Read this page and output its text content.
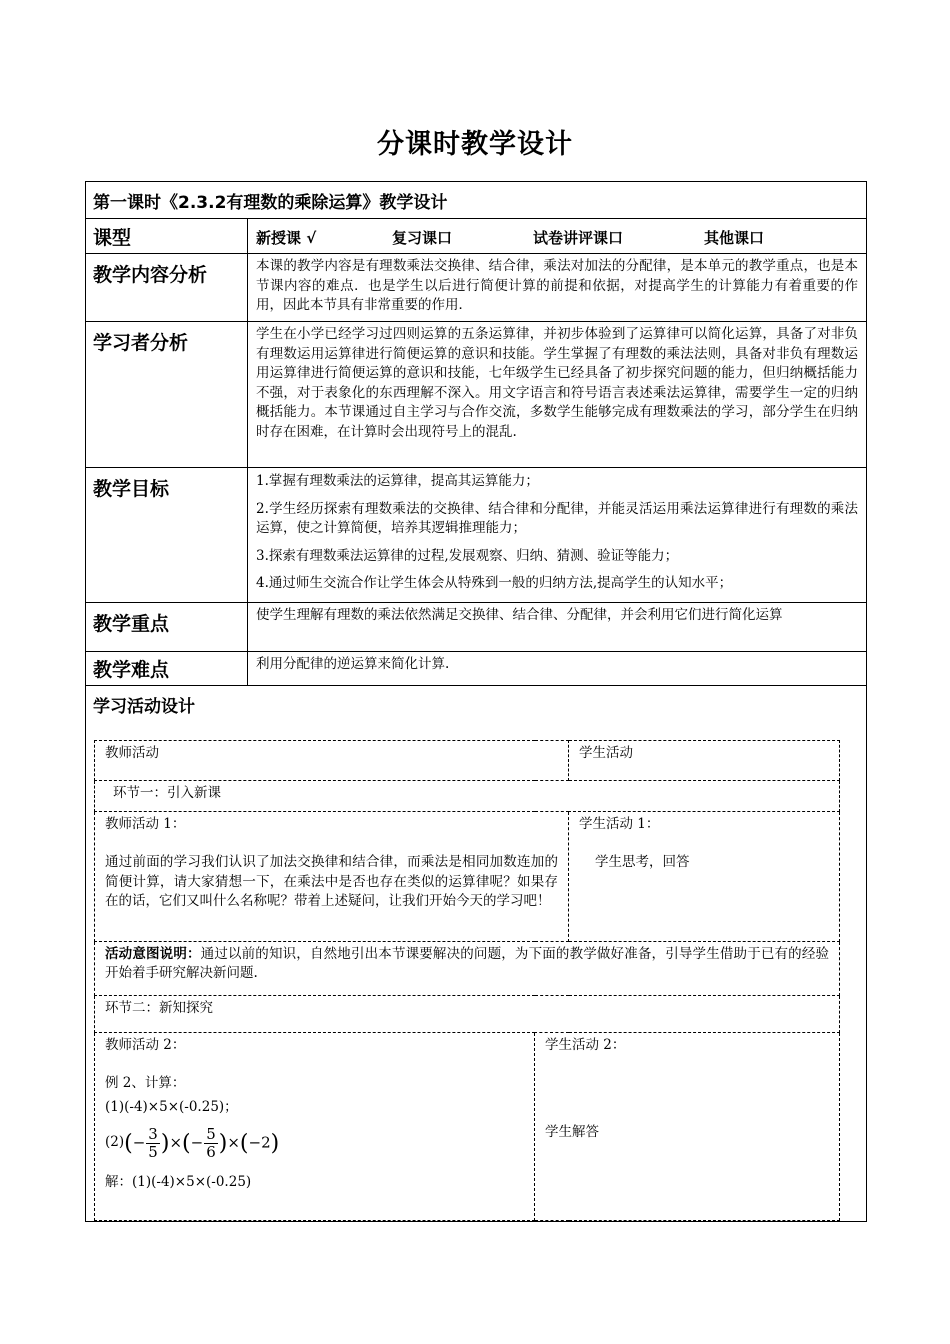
分课时教学设计
第一课时《2.3.2有理数的乘除运算》教学设计

课型	新授课 √	复习课口	试卷讲评课口	其他课口

教学内容分析	本课的教学内容是有理数乘法交换律、结合律，乘法对加法的分配律，是本单元的教学重点，也是本节课内容的难点．也是学生以后进行简便计算的前提和依据，对提高学生的计算能力有着重要的作用，因此本节具有非常重要的作用．

学习者分析	学生在小学已经学习过四则运算的五条运算律，并初步体验到了运算律可以简化运算，具备了对非负有理数运用运算律进行简便运算的意识和技能。学生掌握了有理数的乘法法则，具备对非负有理数运用运算律进行简便运算的意识和技能，七年级学生已经具备了初步探究问题的能力，但归纳概括能力不强，对于表象化的东西理解不深入。用文字语言和符号语言表述乘法运算律，需要学生一定的归纳概括能力。本节课通过自主学习与合作交流，多数学生能够完成有理数乘法的学习，部分学生在归纳时存在困难，在计算时会出现符号上的混乱.

教学目标	1.掌握有理数乘法的运算律，提高其运算能力；

2.学生经历探索有理数乘法的交换律、结合律和分配律，并能灵活运用乘法运算律进行有理数的乘法运算，使之计算简便，培养其逻辑推理能力；

3.探索有理数乘法运算律的过程,发展观察、归纳、猜测、验证等能力；

4.通过师生交流合作让学生体会从特殊到一般的归纳方法,提高学生的认知水平；

教学重点	使学生理解有理数的乘法依然满足交换律、结合律、分配律，并会利用它们进行简化运算

教学难点	利用分配律的逆运算来简化计算.

学习活动设计

教师活动	学生活动
环节一：引入新课

教师活动 1：
通过前面的学习我们认识了加法交换律和结合律，而乘法是相同加数连加的简便计算，请大家猜想一下，在乘法中是否也存在类似的运算律呢？如果存在的话，它们又叫什么名称呢？带着上述疑问，让我们开始今天的学习吧！

学生活动 1：
学生思考，回答

活动意图说明：通过以前的知识，自然地引出本节课要解决的问题，为下面的教学做好准备，引导学生借助于已有的经验开始着手研究解决新问题.
环节二：新知探究

教师活动 2：
例 2、计算：
(1)(-4)×5×(-0.25)；
(2) (− $\frac{3}{5}$ )×(− $\frac{5}{6} )\times(-2)$
解：(1)(-4)×5×(-0.25)

学生活动 2：
学生解答
